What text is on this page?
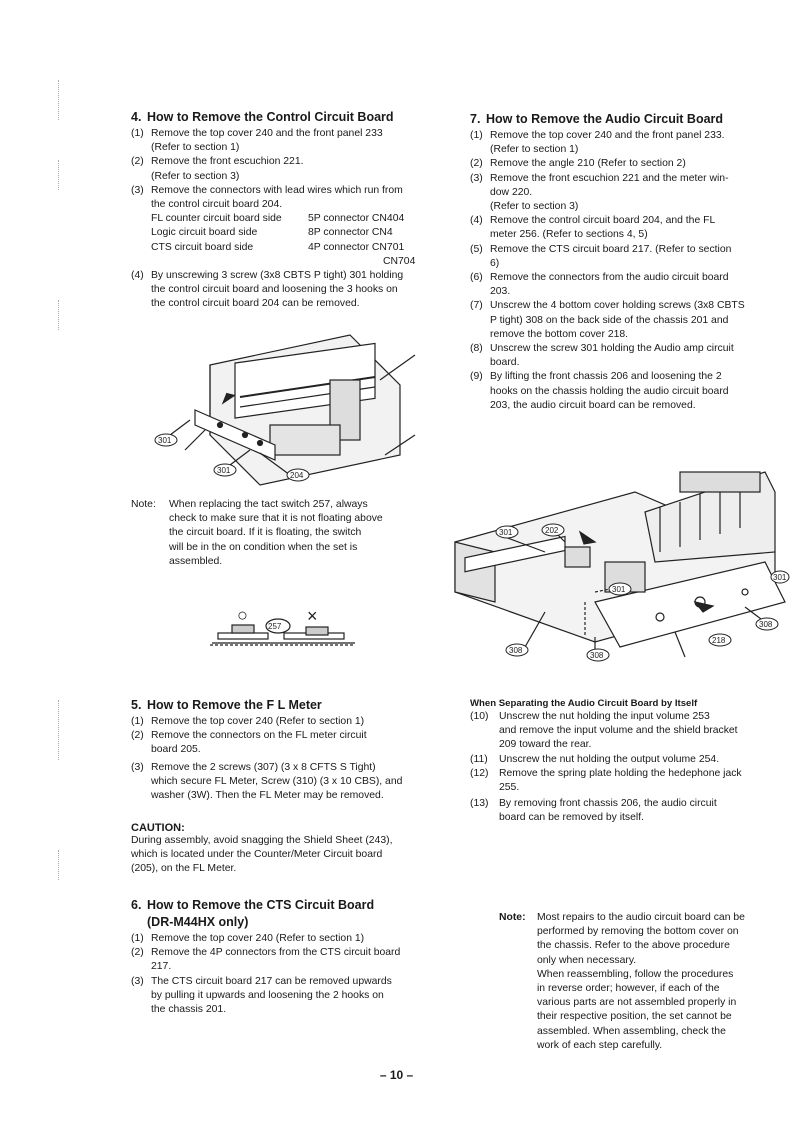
4. How to Remove the Control Circuit Board
(1) Remove the top cover 240 and the front panel 233
(Refer to section 1)
(2) Remove the front escuchion 221.
(Refer to section 3)
(3) Remove the connectors with lead wires which run from
the control circuit board 204.
FL counter circuit board side	5P connector CN404
Logic circuit board side	8P connector CN4
CTS circuit board side	4P connector CN701
CN704
(4) By unscrewing 3 screw (3x8 CBTS P tight) 301 holding
the control circuit board and loosening the 3 hooks on
the control circuit board 204 can be removed.
301
301
204
Note: When replacing the tact switch 257, always
check to make sure that it is not floating above
the circuit board. If it is floating, the switch
will be in the on condition when the set is
assembled.
○	×
257
5. How to Remove the F L Meter
(1) Remove the top cover 240 (Refer to section 1)
(2) Remove the connectors on the FL meter circuit
board 205.
(3) Remove the 2 screws (307) (3 x 8 CFTS S Tight)
which secure FL Meter, Screw (310) (3 x 10 CBS), and
washer (3W). Then the FL Meter may be removed.
CAUTION:
During assembly, avoid snagging the Shield Sheet (243),
which is located under the Counter/Meter Circuit board
(205), on the FL Meter.
6. How to Remove the CTS Circuit Board
(DR-M44HX only)
(1) Remove the top cover 240 (Refer to section 1)
(2) Remove the 4P connectors from the CTS circuit board
217.
(3) The CTS circuit board 217 can be removed upwards
by pulling it upwards and loosening the 2 hooks on
the chassis 201.
7. How to Remove the Audio Circuit Board
(1) Remove the top cover 240 and the front panel 233.
(Refer to section 1)
(2) Remove the angle 210 (Refer to section 2)
(3) Remove the front escuchion 221 and the meter win-
dow 220.
(Refer to section 3)
(4) Remove the control circuit board 204, and the FL
meter 256. (Refer to sections 4, 5)
(5) Remove the CTS circuit board 217. (Refer to section
6)
(6) Remove the connectors from the audio circuit board
203.
(7) Unscrew the 4 bottom cover holding screws (3x8 CBTS
P tight) 308 on the back side of the chassis 201 and
remove the bottom cover 218.
(8) Unscrew the screw 301 holding the Audio amp circuit
board.
(9) By lifting the front chassis 206 and loosening the 2
hooks on the chassis holding the audio circuit board
203, the audio circuit board can be removed.
301	202
301
308
301
218
308
308
When Separating the Audio Circuit Board by Itself
(10) Unscrew the nut holding the input volume 253
and remove the input volume and the shield bracket
209 toward the rear.
(11) Unscrew the nut holding the output volume 254.
(12) Remove the spring plate holding the hedephone jack
255.
(13) By removing front chassis 206, the audio circuit
board can be removed by itself.
Note: Most repairs to the audio circuit board can be
performed by removing the bottom cover on
the chassis. Refer to the above procedure
only when necessary.
When reassembling, follow the procedures
in reverse order; however, if each of the
various parts are not assembled properly in
their respective position, the set cannot be
assembled. When assembling, check the
work of each step carefully.
– 10 –
